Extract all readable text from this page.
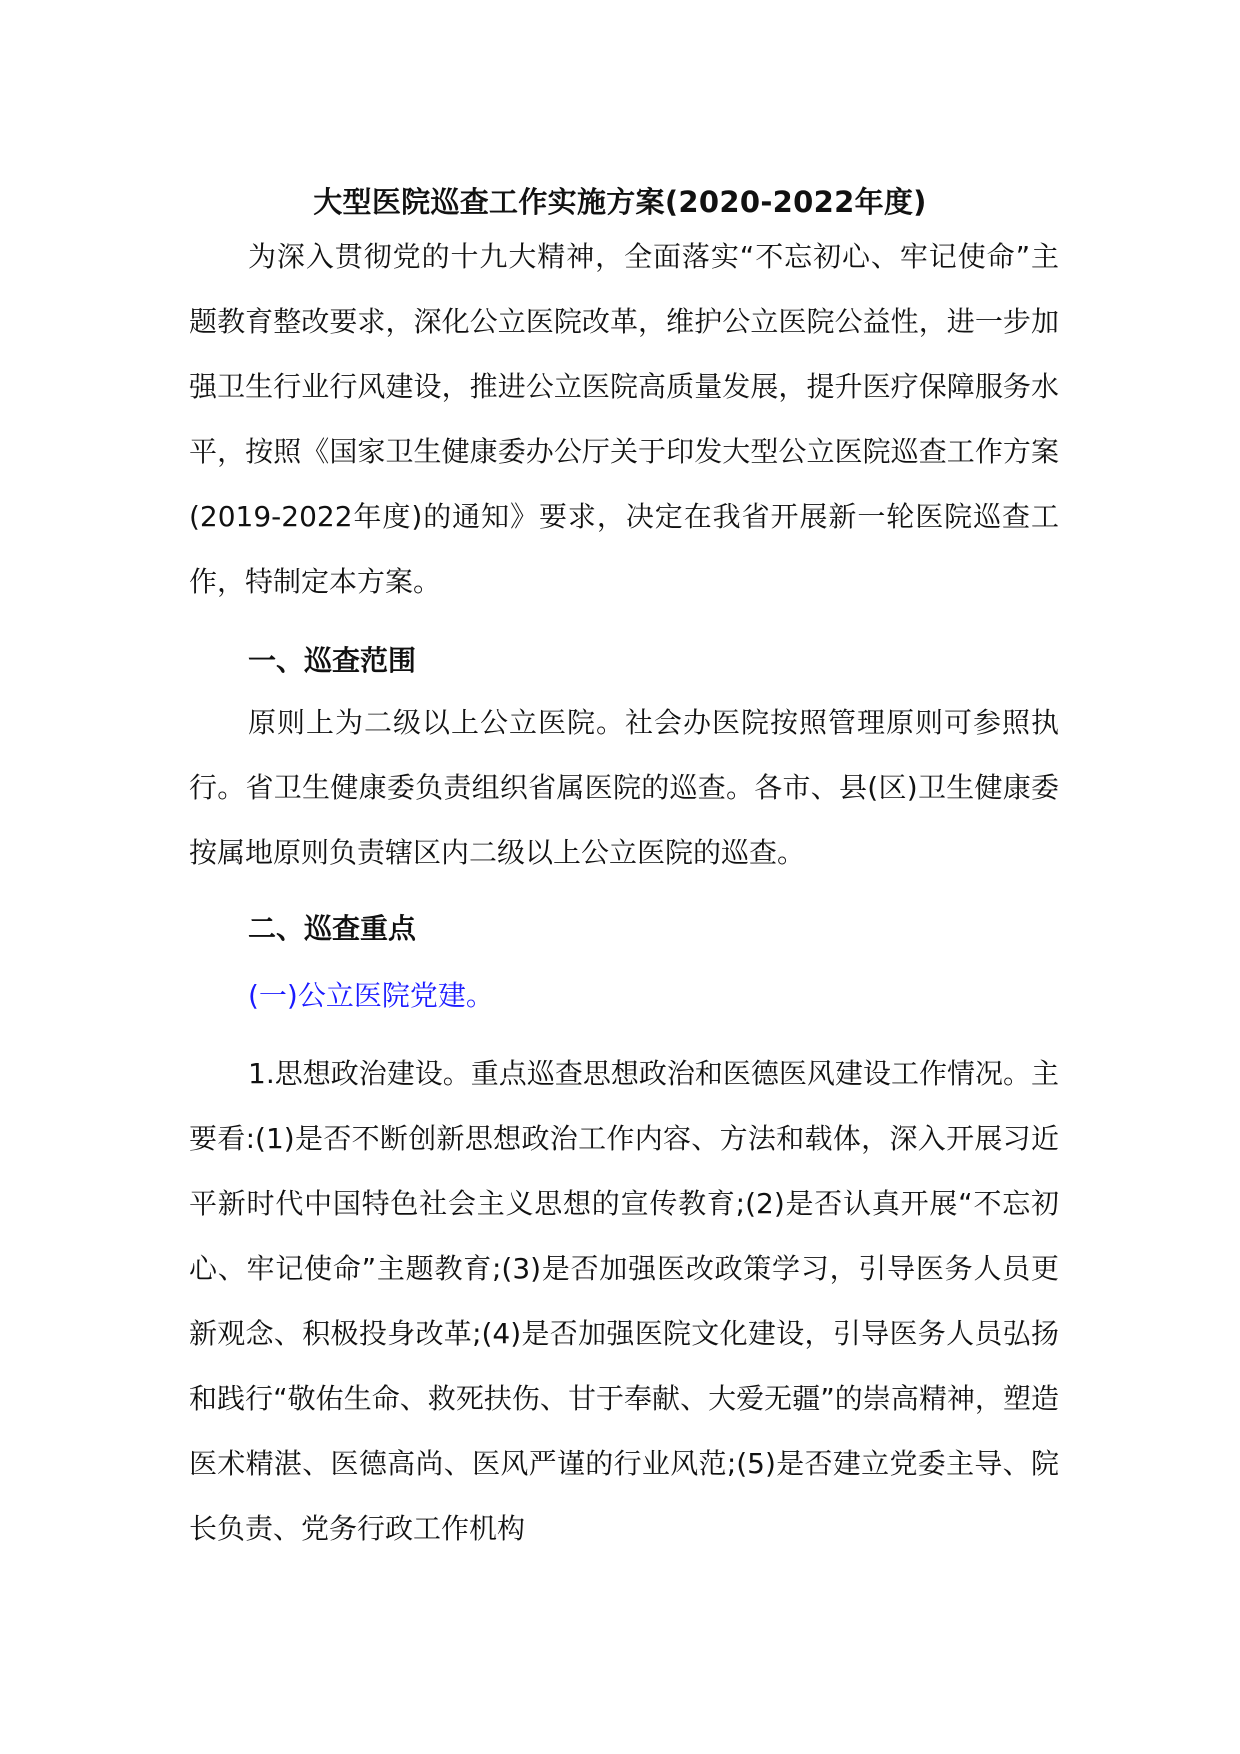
大型医院巡查工作实施方案(2020-2022年度)

为深入贯彻党的十九大精神，全面落实“不忘初心、牢记使命”主题教育整改要求，深化公立医院改革，维护公立医院公益性，进一步加强卫生行业行风建设，推进公立医院高质量发展，提升医疗保障服务水平，按照《国家卫生健康委办公厅关于印发大型公立医院巡查工作方案(2019-2022年度)的通知》要求，决定在我省开展新一轮医院巡查工作，特制定本方案。

一、巡查范围

原则上为二级以上公立医院。社会办医院按照管理原则可参照执行。省卫生健康委负责组织省属医院的巡查。各市、县(区)卫生健康委按属地原则负责辖区内二级以上公立医院的巡查。

二、巡查重点
(一)公立医院党建。

1.思想政治建设。重点巡查思想政治和医德医风建设工作情况。主要看:(1)是否不断创新思想政治工作内容、方法和载体，深入开展习近平新时代中国特色社会主义思想的宣传教育;(2)是否认真开展“不忘初心、牢记使命”主题教育;(3)是否加强医改政策学习，引导医务人员更新观念、积极投身改革;(4)是否加强医院文化建设，引导医务人员弘扬和践行“敬佑生命、救死扶伤、甘于奉献、大爱无疆”的崇高精神，塑造医术精湛、医德高尚、医风严谨的行业风范;(5)是否建立党委主导、院长负责、党务行政工作机构
